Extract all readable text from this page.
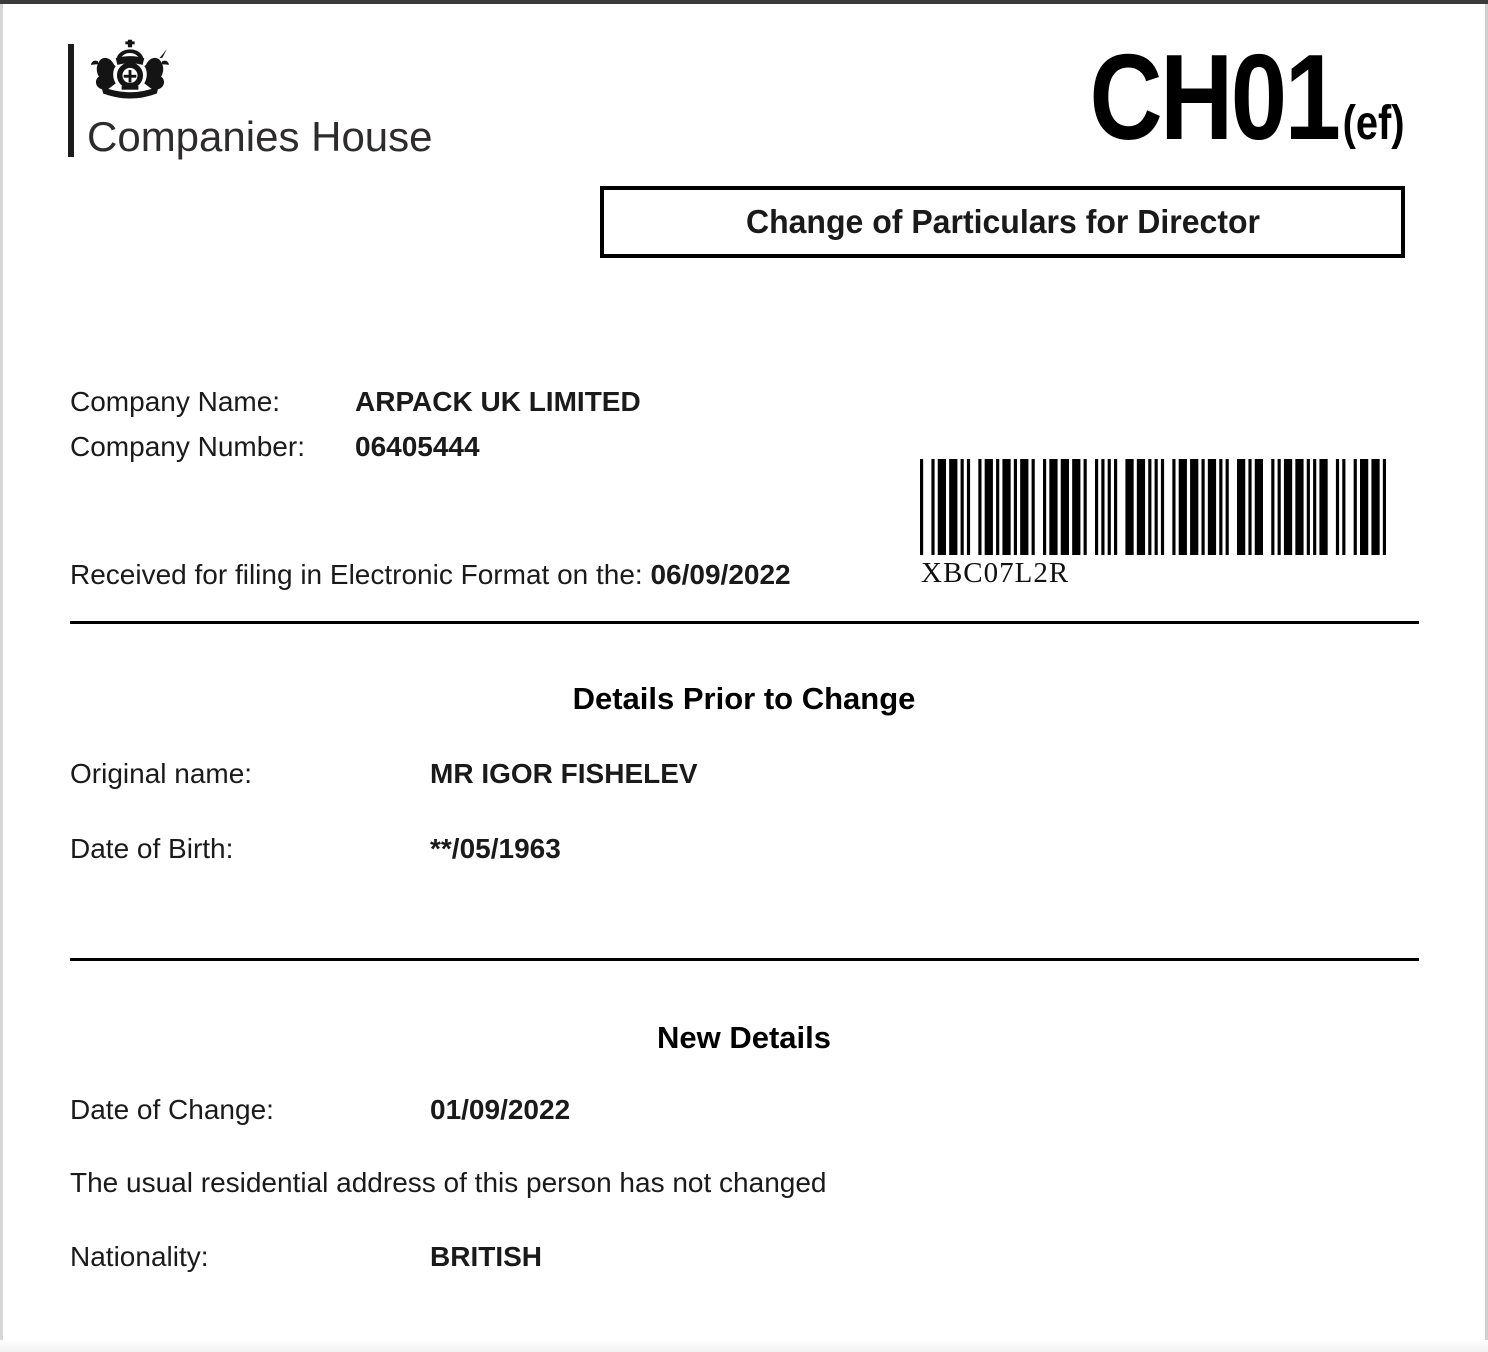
Companies House	CH01 (ef)
Change of Particulars for Director
Company Name:	ARPACK UK LIMITED
Company Number: 06405444
XBC07L2R
Received for filing in Electronic Format on the: 06/09/2022
Details Prior to Change
Original name:	MR IGOR FISHELEV
Date of Birth:	**/05/1963
New Details
Date of Change:	01/09/2022
The usual residential address of this person has not changed
Nationality:	BRITISH
